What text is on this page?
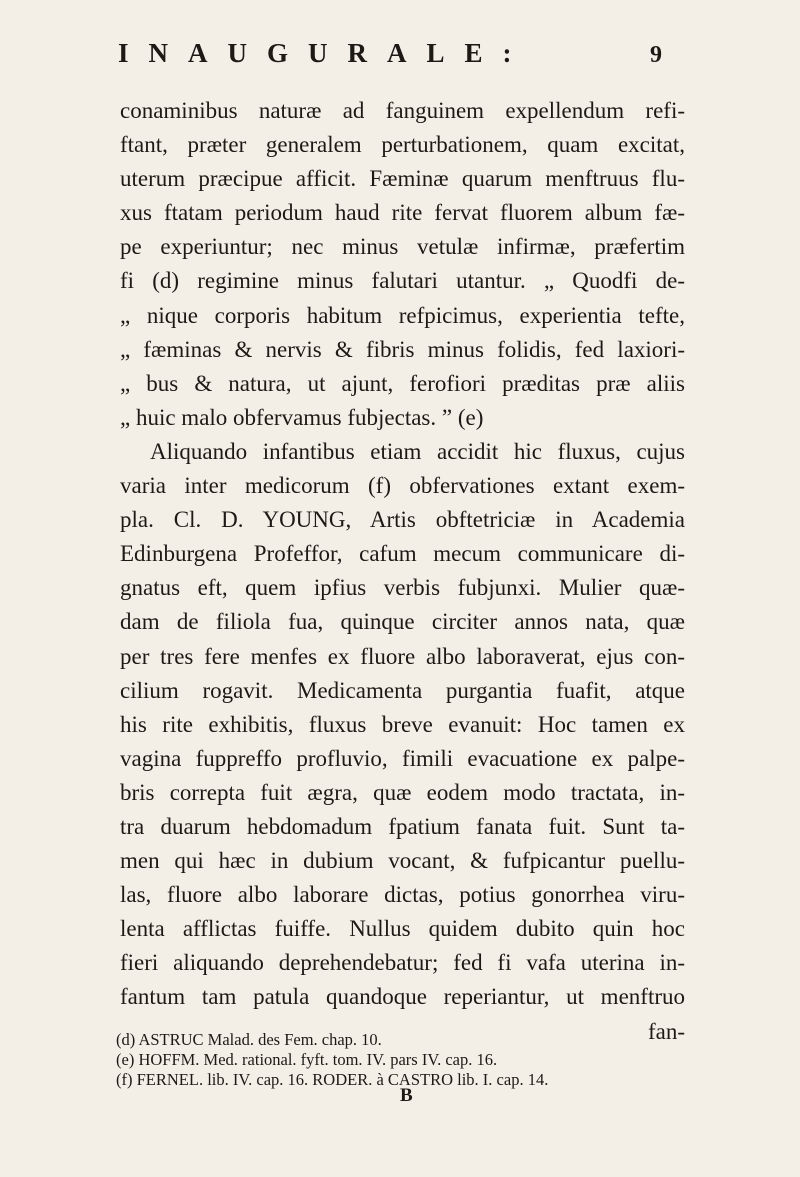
INAUGURALE:	9
conaminibus naturæ ad fanguinem expellendum refi-
ftant, præter generalem perturbationem, quam excitat,
uterum præcipue afficit. Fæminæ quarum menftruus flu-
xus ftatam periodum haud rite fervat fluorem album fæ-
pe experiuntur; nec minus vetulæ infirmæ, præfertim
fi (d) regimine minus falutari utantur. „ Quodfi de-
„ nique corporis habitum refpicimus, experientia tefte,
„ fæminas & nervis & fibris minus folidis, fed laxiori-
„ bus & natura, ut ajunt, ferofiori præditas præ aliis
„ huic malo obfervamus fubjectas. ” (e)
Aliquando infantibus etiam accidit hic fluxus, cujus
varia inter medicorum (f) obfervationes extant exem-
pla. Cl. D. YOUNG, Artis obftetriciæ in Academia
Edinburgena Profeffor, cafum mecum communicare di-
gnatus eft, quem ipfius verbis fubjunxi. Mulier quæ-
dam de filiola fua, quinque circiter annos nata, quæ
per tres fere menfes ex fluore albo laboraverat, ejus con-
cilium rogavit. Medicamenta purgantia fuafit, atque
his rite exhibitis, fluxus breve evanuit: Hoc tamen ex
vagina fuppreffo profluvio, fimili evacuatione ex palpe-
bris correpta fuit ægra, quæ eodem modo tractata, in-
tra duarum hebdomadum fpatium fanata fuit. Sunt ta-
men qui hæc in dubium vocant, & fufpicantur puellu-
las, fluore albo laborare dictas, potius gonorrhea viru-
lenta afflictas fuiffe. Nullus quidem dubito quin hoc
fieri aliquando deprehendebatur; fed fi vafa uterina in-
fantum tam patula quandoque reperiantur, ut menftruo
fan-
(d) ASTRUC Malad. des Fem. chap. 10.
(e) HOFFM. Med. rational. fyft. tom. IV. pars IV. cap. 16.
(f) FERNEL. lib. IV. cap. 16. RODER. à CASTRO lib. I. cap. 14.
B
